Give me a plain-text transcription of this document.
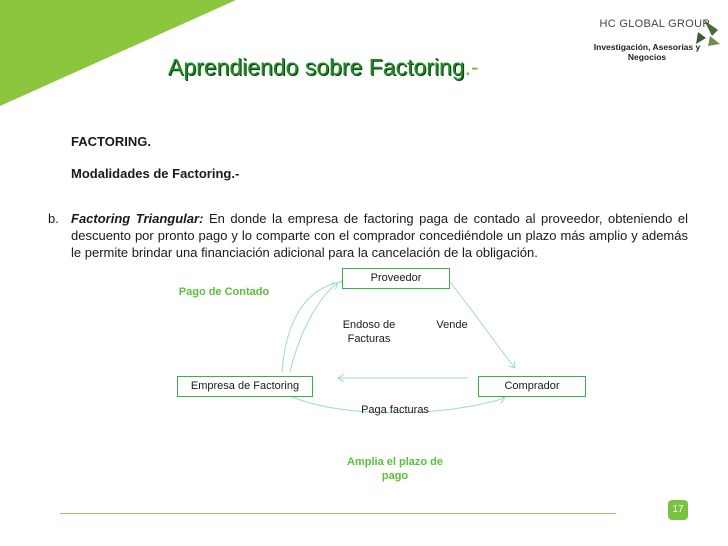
Aprendiendo sobre Factoring.-
HC GLOBAL GROUP
Investigación, Asesorías y Negocios
FACTORING.
Modalidades de Factoring.-
b. Factoring Triangular: En donde la empresa de factoring paga de contado al proveedor, obteniendo el descuento por pronto pago y lo comparte con el comprador concediéndole un plazo más amplio y además le permite brindar una financiación adicional para la cancelación de la obligación.
Proveedor
Empresa de Factoring	Comprador
Pago de Contado
Endoso de Facturas
Vende
Paga facturas
Amplia el plazo de pago
17
